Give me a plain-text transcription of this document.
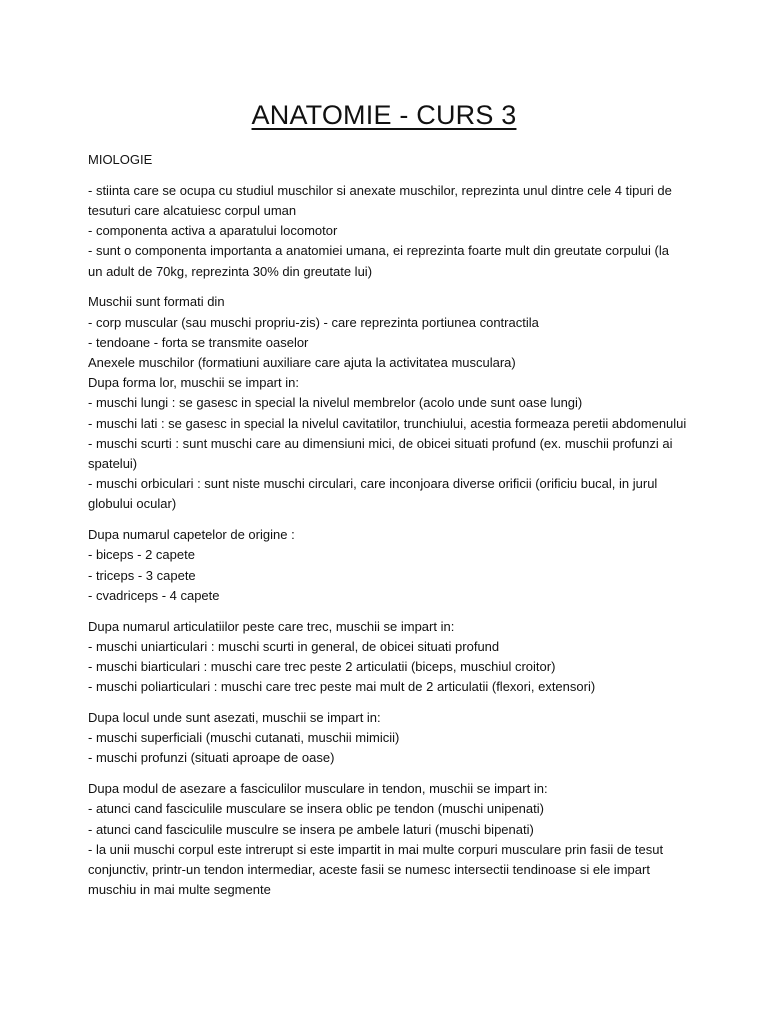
ANATOMIE - CURS 3
MIOLOGIE
- stiinta care se ocupa cu studiul muschilor si anexate muschilor, reprezinta unul dintre cele 4 tipuri de
tesuturi care alcatuiesc corpul uman
- componenta activa a aparatului locomotor
- sunt o componenta importanta a anatomiei umana, ei reprezinta foarte mult din greutate corpului (la
un adult de 70kg, reprezinta 30% din greutate lui)
Muschii sunt formati din
- corp muscular (sau muschi propriu-zis) - care reprezinta portiunea contractila
- tendoane - forta se transmite oaselor
Anexele muschilor (formatiuni auxiliare care ajuta la activitatea musculara)
Dupa forma lor, muschii se impart in:
- muschi lungi : se gasesc in special la nivelul membrelor (acolo unde sunt oase lungi)
- muschi lati : se gasesc in special la nivelul cavitatilor, trunchiului, acestia formeaza peretii abdomenului
- muschi scurti : sunt muschi care au dimensiuni mici, de obicei situati profund (ex. muschii profunzi ai
spatelui)
- muschi orbiculari : sunt niste muschi circulari, care inconjoara diverse orificii (orificiu bucal, in jurul
globului ocular)
Dupa numarul capetelor de origine :
- biceps - 2 capete
- triceps - 3 capete
- cvadriceps - 4 capete
Dupa numarul articulatiilor peste care trec, muschii se impart in:
- muschi uniarticulari : muschi scurti in general, de obicei situati profund
- muschi biarticulari : muschi care trec peste 2 articulatii (biceps, muschiul croitor)
- muschi poliarticulari : muschi care trec peste mai mult de 2 articulatii (flexori, extensori)
Dupa locul unde sunt asezati, muschii se impart in:
- muschi superficiali (muschi cutanati, muschii mimicii)
- muschi profunzi (situati aproape de oase)
Dupa modul de asezare a fasciculilor musculare in tendon, muschii se impart in:
- atunci cand fasciculile musculare se insera oblic pe tendon (muschi unipenati)
- atunci cand fasciculile musculre se insera pe ambele laturi (muschi bipenati)
- la unii muschi corpul este intrerupt si este impartit in mai multe corpuri musculare prin fasii de tesut
conjunctiv, printr-un tendon intermediar, aceste fasii se numesc intersectii tendinoase si ele impart
muschiu in mai multe segmente
